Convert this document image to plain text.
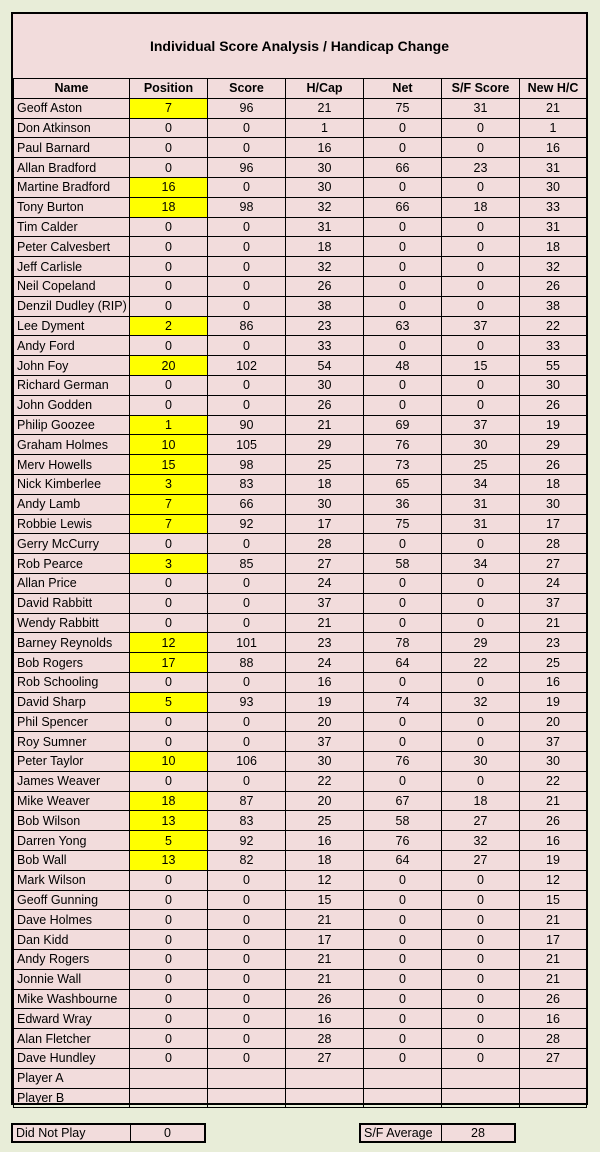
Individual Score Analysis / Handicap Change
Name	Position	Score	H/Cap	Net	S/F Score	New H/C
Geoff Aston	7	96	21	75	31	21
Don Atkinson	0	0	1	0	0	1
Paul Barnard	0	0	16	0	0	16
Allan Bradford	0	96	30	66	23	31
Martine Bradford	16	0	30	0	0	30
Tony Burton	18	98	32	66	18	33
Tim Calder	0	0	31	0	0	31
Peter Calvesbert	0	0	18	0	0	18
Jeff Carlisle	0	0	32	0	0	32
Neil Copeland	0	0	26	0	0	26
Denzil Dudley (RIP)	0	0	38	0	0	38
Lee Dyment	2	86	23	63	37	22
Andy Ford	0	0	33	0	0	33
John Foy	20	102	54	48	15	55
Richard German	0	0	30	0	0	30
John Godden	0	0	26	0	0	26
Philip Goozee	1	90	21	69	37	19
Graham Holmes	10	105	29	76	30	29
Merv Howells	15	98	25	73	25	26
Nick Kimberlee	3	83	18	65	34	18
Andy Lamb	7	66	30	36	31	30
Robbie Lewis	7	92	17	75	31	17
Gerry McCurry	0	0	28	0	0	28
Rob Pearce	3	85	27	58	34	27
Allan Price	0	0	24	0	0	24
David Rabbitt	0	0	37	0	0	37
Wendy Rabbitt	0	0	21	0	0	21
Barney Reynolds	12	101	23	78	29	23
Bob Rogers	17	88	24	64	22	25
Rob Schooling	0	0	16	0	0	16
David Sharp	5	93	19	74	32	19
Phil Spencer	0	0	20	0	0	20
Roy Sumner	0	0	37	0	0	37
Peter Taylor	10	106	30	76	30	30
James Weaver	0	0	22	0	0	22
Mike Weaver	18	87	20	67	18	21
Bob Wilson	13	83	25	58	27	26
Darren Yong	5	92	16	76	32	16
Bob Wall	13	82	18	64	27	19
Mark Wilson	0	0	12	0	0	12
Geoff Gunning	0	0	15	0	0	15
Dave Holmes	0	0	21	0	0	21
Dan Kidd	0	0	17	0	0	17
Andy Rogers	0	0	21	0	0	21
Jonnie Wall	0	0	21	0	0	21
Mike Washbourne	0	0	26	0	0	26
Edward Wray	0	0	16	0	0	16
Alan Fletcher	0	0	28	0	0	28
Dave Hundley	0	0	27	0	0	27
Player A						
Player B						
Did Not Play	0	S/F Average	28
